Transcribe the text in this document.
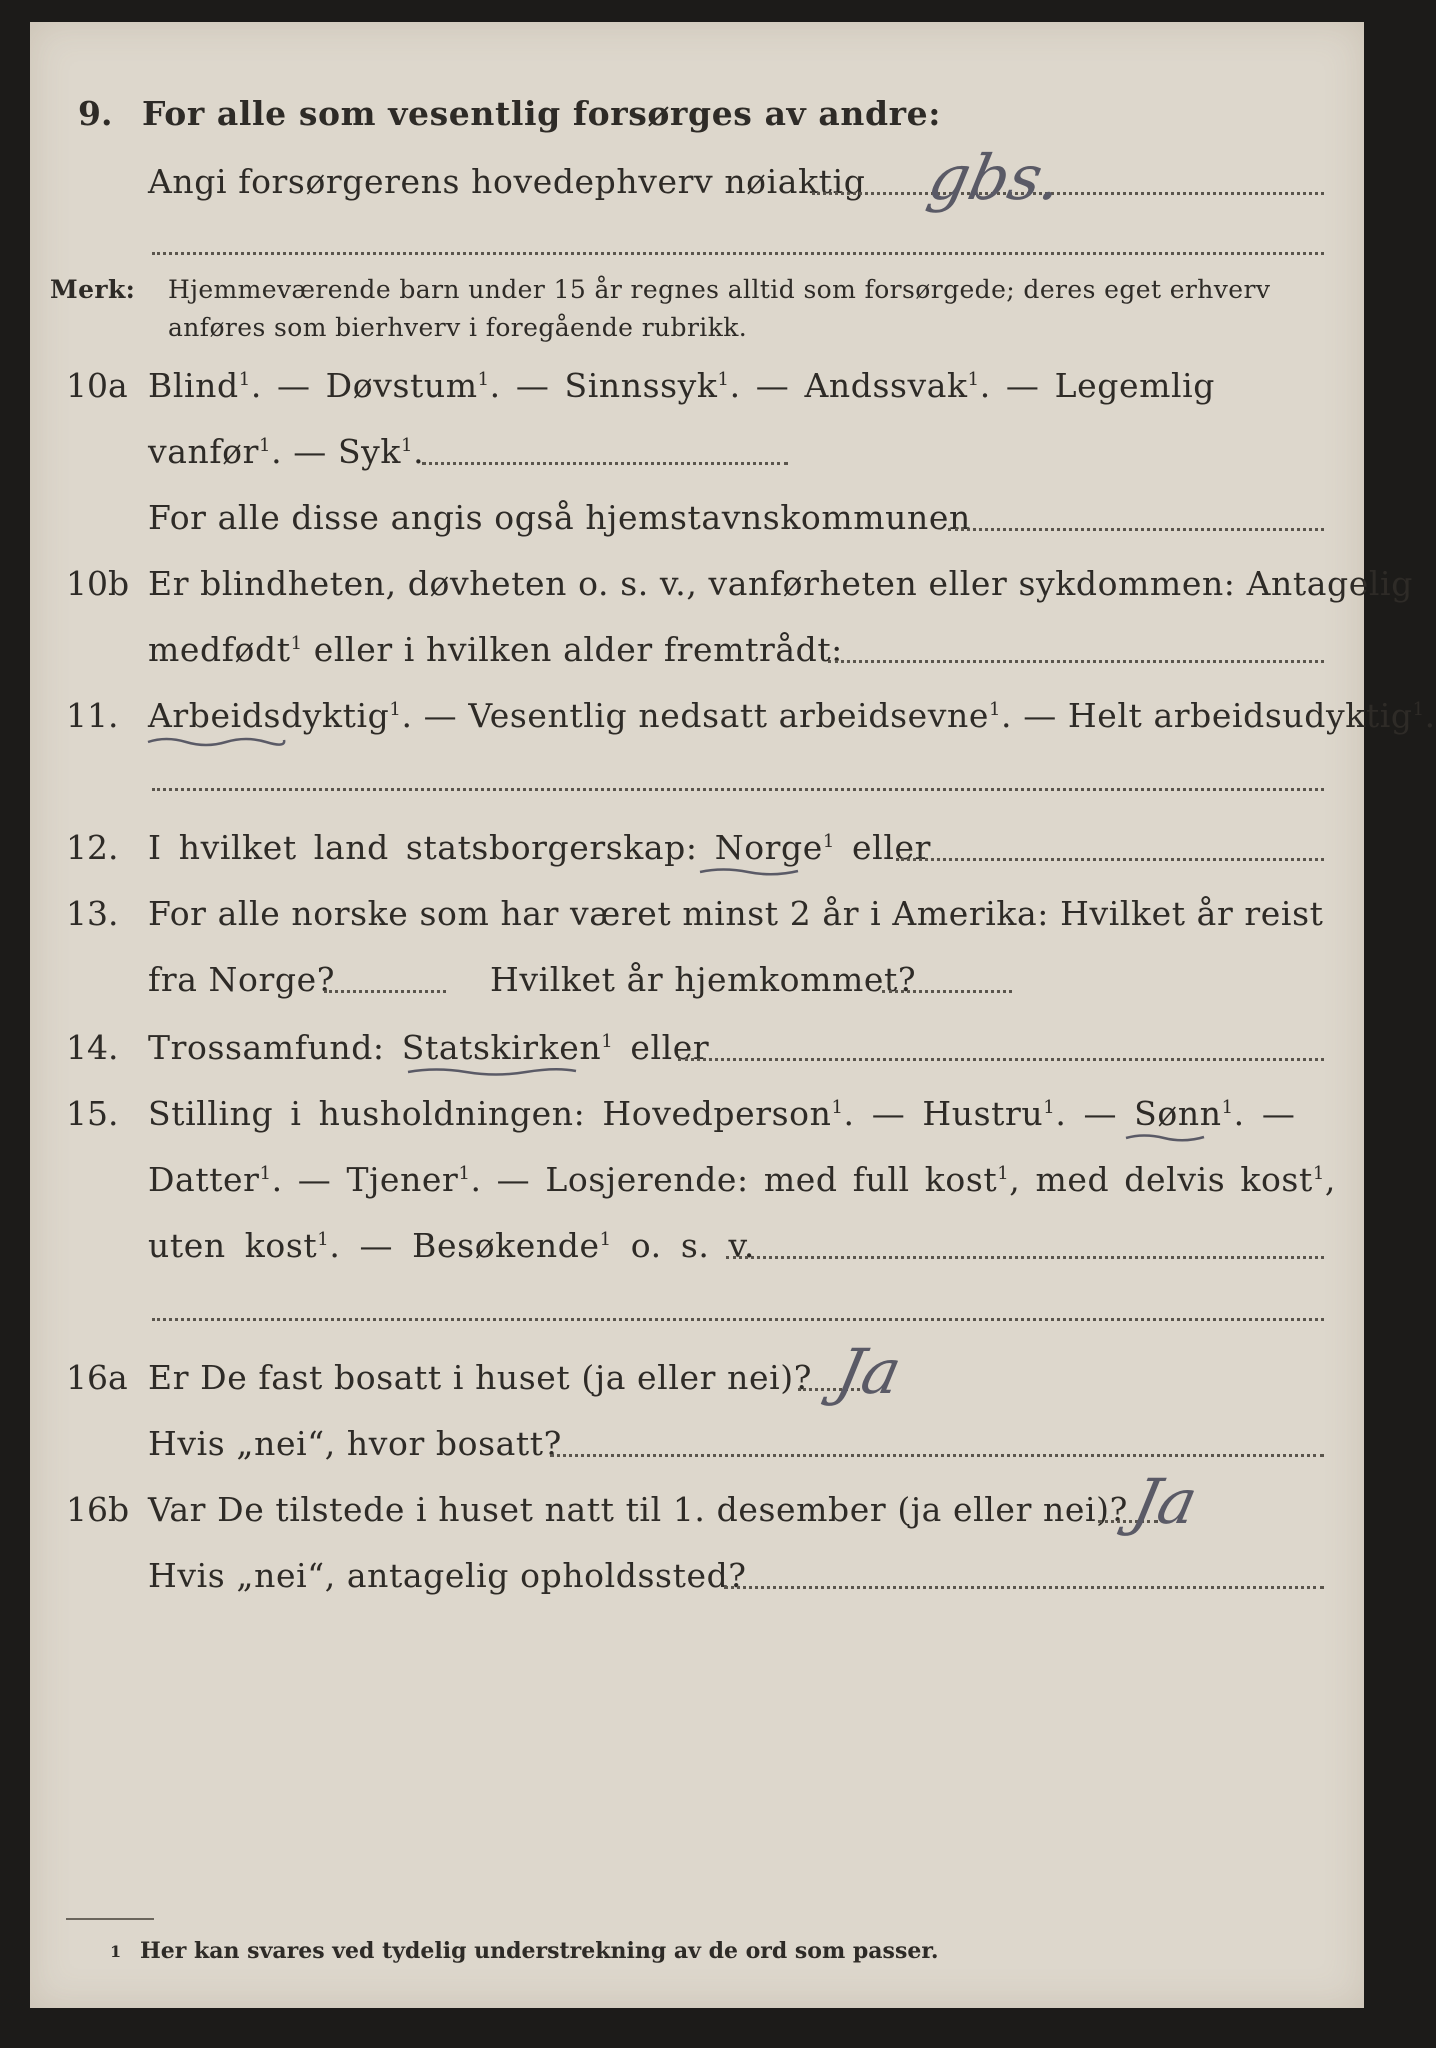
9. For alle som vesentlig forsørges av andre:
Angi forsørgerens hovedерhverv nøiaktig gbs.
Merk: Hjemmeværende barn under 15 år regnes alltid som forsørgede; deres eget erhverv
anføres som bierhverv i foregående rubrikk.
10a Blind$^1$. — Døvstum$^1$. — Sinnssyk$^1$. — Andssvak$^1$. — Legemlig
vanfør$^1$. — Syk$^1$.
For alle disse angis også hjemstavnskommunen
10b Er blindheten, døvheten o. s. v., vanførheten eller sykdommen: Antagelig
medfødt$^1$ eller i hvilken alder fremtrådt:
11. Arbeidsdyktig$^1$. — Vesentlig nedsatt arbeidsevne$^1$. — Helt arbeidsudyktig$^1$.
12. I hvilket land statsborgerskap: Norge$^1$ eller
13. For alle norske som har været minst 2 år i Amerika: Hvilket år reist
fra Norge?	Hvilket år hjemkommet?
14. Trossamfund: Statskirken$^1$ eller
15. Stilling i husholdningen: Hovedperson$^1$. — Hustru$^1$. — Sønn$^1$. —
Datter$^1$. — Tjener$^1$. — Losjerende: med full kost$^1$, med delvis kost$^1$,
uten kost$^1$. — Besøkende$^1$ o. s. v.
16a Er De fast bosatt i huset (ja eller nei)? Ja
Hvis „nei“, hvor bosatt?
16b Var De tilstede i huset natt til 1. desember (ja eller nei)?
Ja
Hvis „nei“, antagelig opholdssted?
1 Her kan svares ved tydelig understrekning av de ord som passer.
